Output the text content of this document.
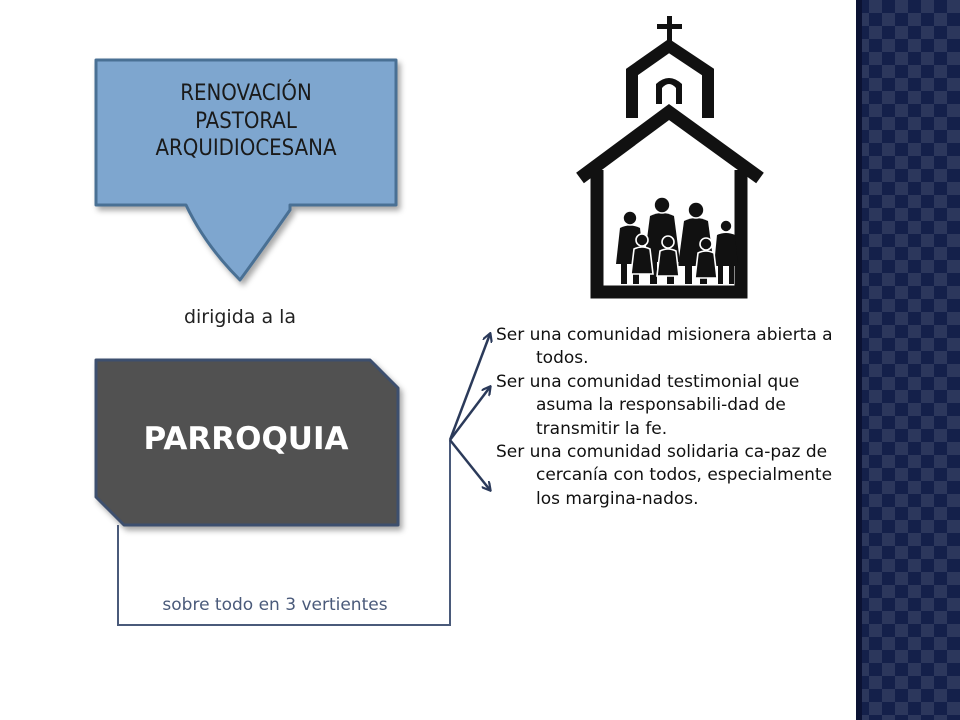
RENOVACIÓN
PASTORAL
ARQUIDIOCESANA
dirigida a la
PARROQUIA
sobre todo en 3 vertientes

Ser una comunidad misionera abierta a todos.

Ser una comunidad testimonial que asuma la responsabili-dad de transmitir la fe.

Ser una comunidad solidaria ca-paz de cercanía con todos, especialmente los margina-nados.
